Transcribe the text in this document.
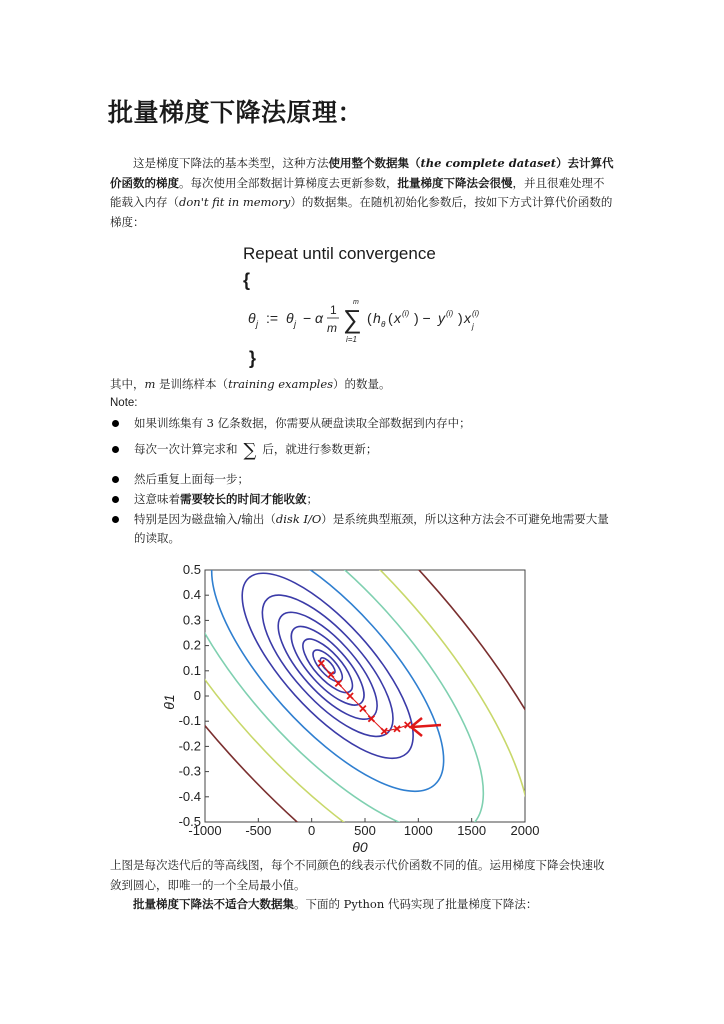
批量梯度下降法原理：
这是梯度下降法的基本类型，这种方法使用整个数据集（the complete dataset）去计算代价函数的梯度。每次使用全部数据计算梯度去更新参数，批量梯度下降法会很慢，并且很难处理不能载入内存（don't fit in memory）的数据集。在随机初始化参数后，按如下方式计算代价函数的梯度：
Repeat until convergence
{
θ j := θ j − α 1
m
m
∑
i=1
( h θ ( x (i) ) − y (i) ) x (i)
j
}
其中，m 是训练样本（training examples）的数量。
Note:
如果训练集有 3 亿条数据，你需要从硬盘读取全部数据到内存中；
每次一次计算完求和 ∑ 后，就进行参数更新；
然后重复上面每一步；
这意味着需要较长的时间才能收敛；
特别是因为磁盘输入/输出（disk I/O）是系统典型瓶颈，所以这种方法会不可避免地需要大量的读取。
-1000 -500	0	500 1000 1500 2000
0.5
0.4
0.3
0.2
0.1
0
-0.1
-0.2
-0.3
-0.4
-0.5
θ0
θ1
上图是每次迭代后的等高线图，每个不同颜色的线表示代价函数不同的值。运用梯度下降会快速收敛到圆心，即唯一的一个全局最小值。
批量梯度下降法不适合大数据集。下面的 Python 代码实现了批量梯度下降法：
